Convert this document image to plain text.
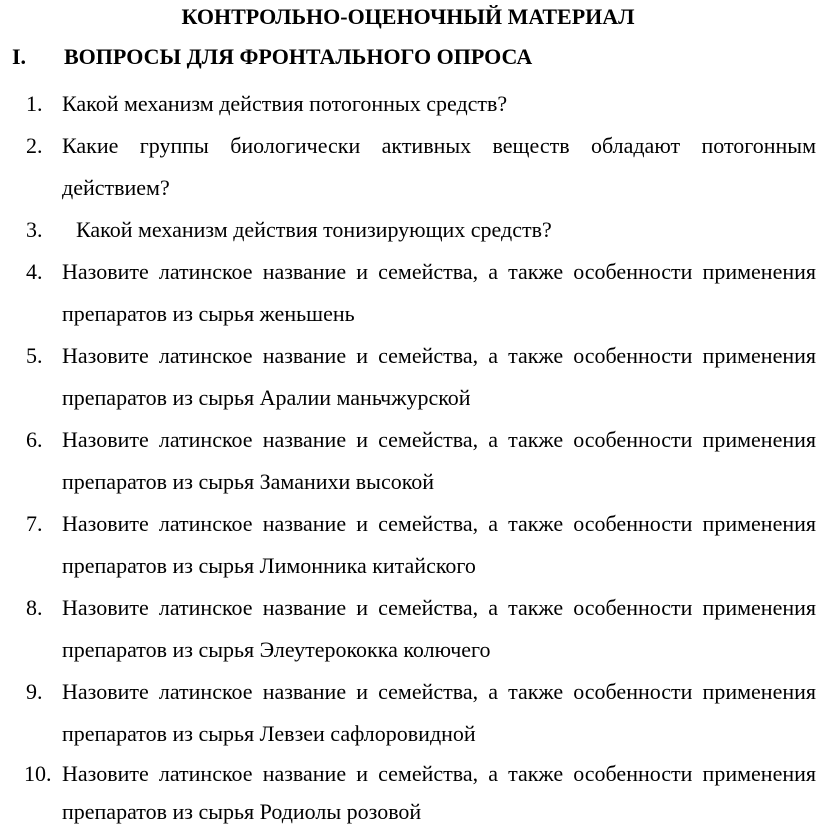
КОНТРОЛЬНО-ОЦЕНОЧНЫЙ МАТЕРИАЛ
I. ВОПРОСЫ ДЛЯ ФРОНТАЛЬНОГО ОПРОСА
1. Какой механизм действия потогонных средств?
2. Какие группы биологически активных веществ обладают потогонным действием?
3.	Какой механизм действия тонизирующих средств?
4. Назовите латинское название и семейства, а также особенности применения препаратов из сырья женьшень
5. Назовите латинское название и семейства, а также особенности применения препаратов из сырья Аралии маньчжурской
6. Назовите латинское название и семейства, а также особенности применения препаратов из сырья Заманихи высокой
7. Назовите латинское название и семейства, а также особенности применения препаратов из сырья Лимонника китайского
8. Назовите латинское название и семейства, а также особенности применения препаратов из сырья Элеутерококка колючего
9. Назовите латинское название и семейства, а также особенности применения препаратов из сырья Левзеи сафлоровидной
10. Назовите латинское название и семейства, а также особенности применения препаратов из сырья Родиолы розовой
